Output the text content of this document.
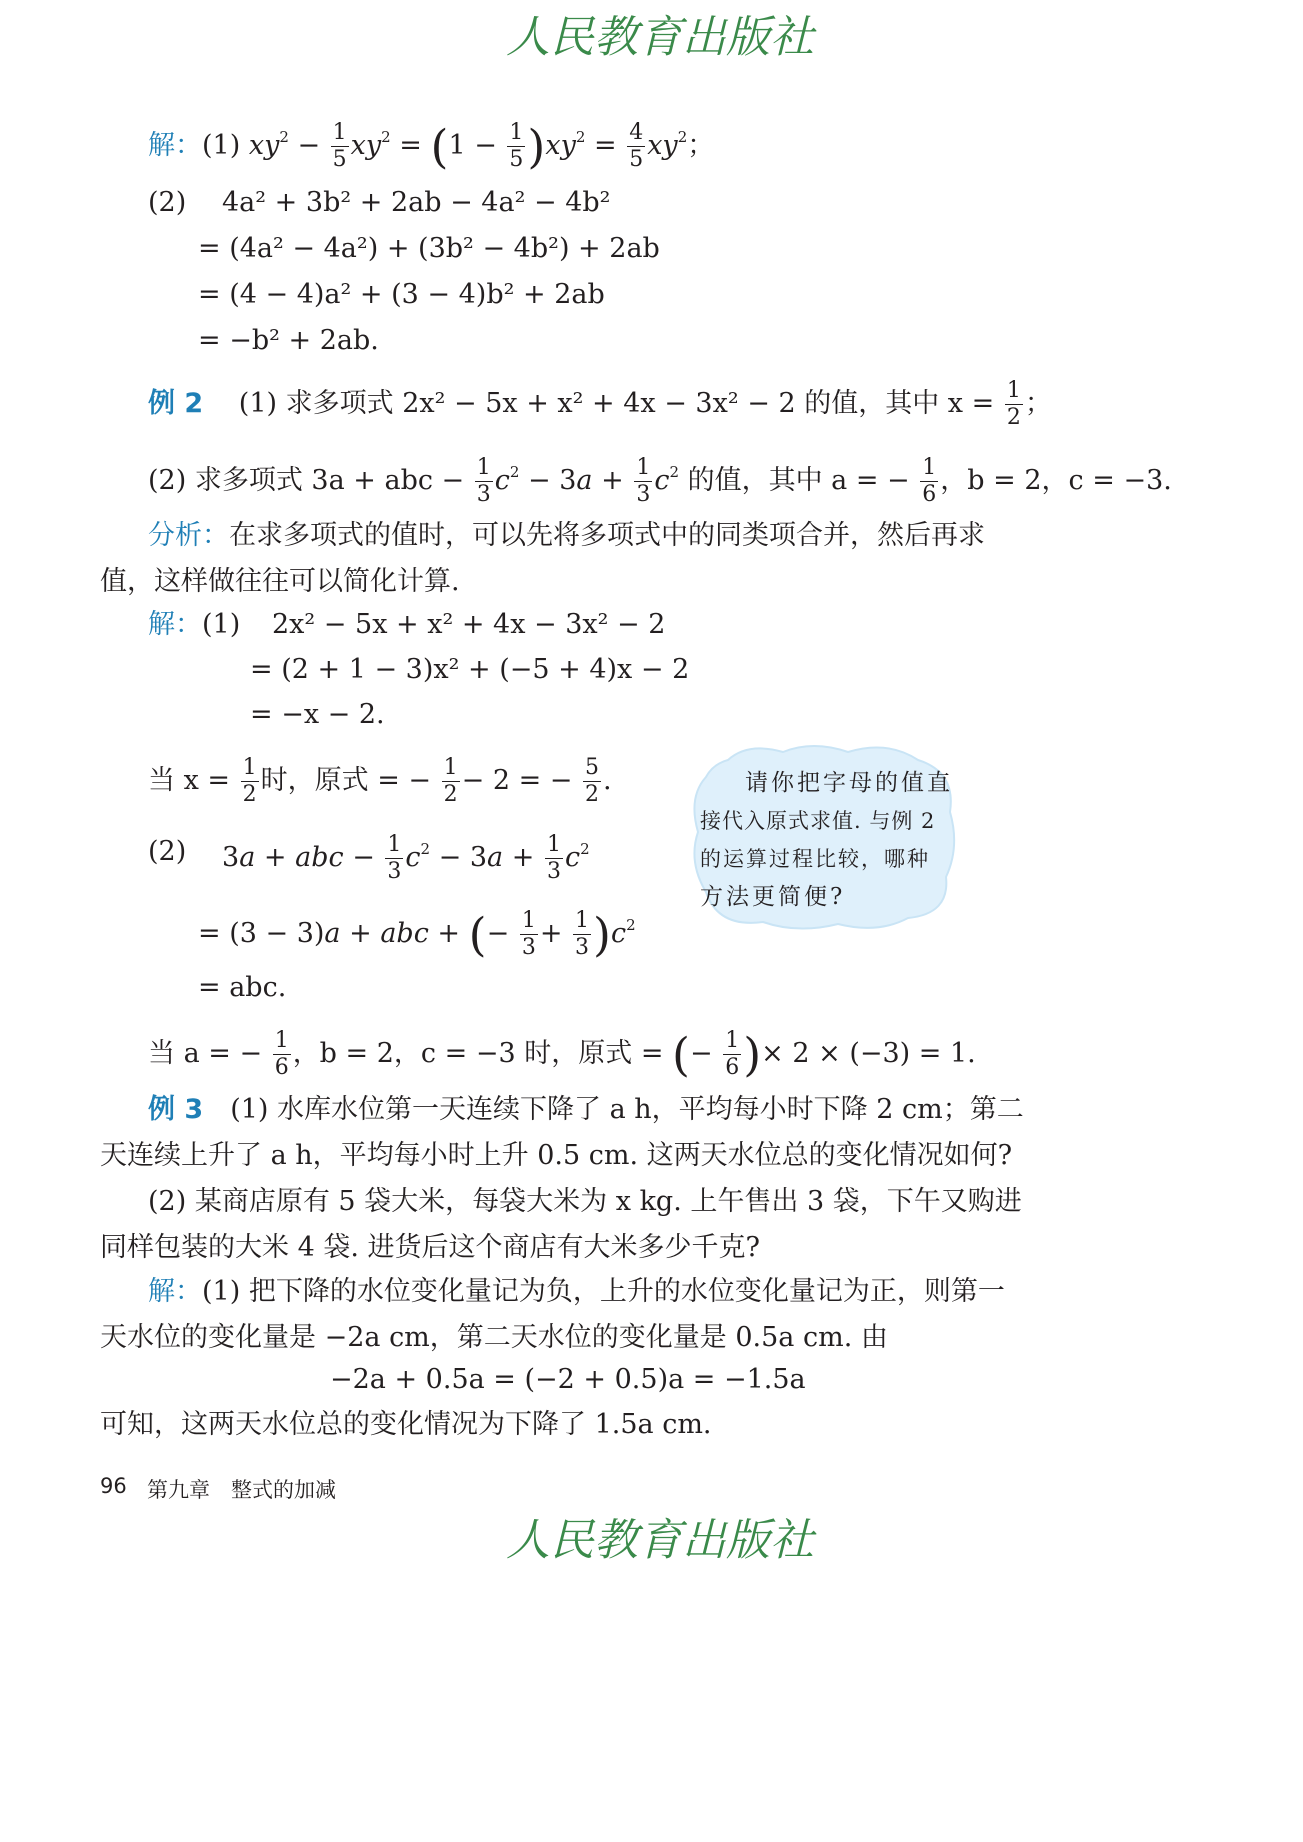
人民教育出版社
解：(1) $xy^2 - \frac{1}{5} xy^2 = (1 - \frac{1}{5} )xy^2 = \frac{4}{5} xy^2$；
(2) 4a² + 3b² + 2ab − 4a² − 4b²
= (4a² − 4a²) + (3b² − 4b²) + 2ab
= (4 − 4)a² + (3 − 4)b² + 2ab
= −b² + 2ab.
例 2　 (1) 求多项式 2x² − 5x + x² + 4x − 3x² − 2 的值，其中 $x = \frac{1}{2}$ ；
(2) 求多项式 3a + abc − $\frac{1}{3} c^2 - 3a + \frac{1}{3} c^2$ 的值，其中 a = − $\frac{1}{6}$ ，b = 2，c = −3.
分析：在求多项式的值时，可以先将多项式中的同类项合并，然后再求
值，这样做往往可以简化计算.
解：(1) 2x² − 5x + x² + 4x − 3x² − 2
= (2 + 1 − 3)x² + (−5 + 4)x − 2
= −x − 2.
当 $x = \frac{1}{2}$ 时，原式 = − $\frac{1}{2} - 2$ = − $\frac{5}{2}$ .
(2) 3a + abc − $\frac{1}{3} c^2 - 3a + \frac{1}{3} c^2$
= (3 − 3)a + abc + (− $\frac{1}{3} + \frac{1}{3} )c^2$
= abc.
当 a = − $\frac{1}{6}$ ，b = 2，c = −3 时，原式 = (− $\frac{1}{6}$ )× 2 × (−3) = 1.
请你把字母的值直
接代入原式求值. 与例 2
的运算过程比较，哪种
方法更简便?
例 3　 (1) 水库水位第一天连续下降了 a h，平均每小时下降 2 cm；第二
天连续上升了 a h，平均每小时上升 0.5 cm. 这两天水位总的变化情况如何?
(2) 某商店原有 5 袋大米，每袋大米为 x kg. 上午售出 3 袋，下午又购进
同样包装的大米 4 袋. 进货后这个商店有大米多少千克?
解：(1) 把下降的水位变化量记为负，上升的水位变化量记为正，则第一
天水位的变化量是 −2a cm，第二天水位的变化量是 0.5a cm. 由
−2a + 0.5a = (−2 + 0.5)a = −1.5a
可知，这两天水位总的变化情况为下降了 1.5a cm.
96 第九章　整式的加减
人民教育出版社
